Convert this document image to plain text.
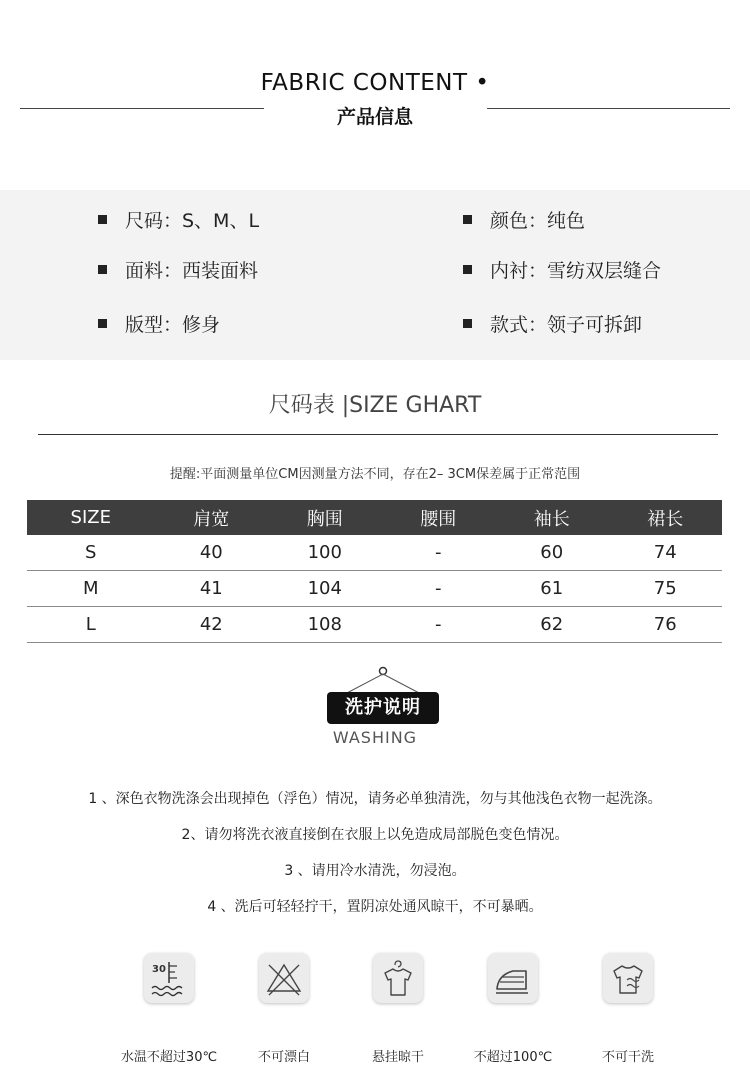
FABRIC CONTENT •
产品信息
尺码：S、M、L	颜色：纯色
面料：西装面料	内衬：雪纺双层缝合
版型：修身	款式：领子可拆卸
尺码表 |SIZE GHART
提醒:平面测量单位CM因测量方法不同，存在2– 3CM保差属于正常范围
SIZE	肩宽	胸围	腰围	袖长	裙长
S	40	100	-	60	74
M	41	104	-	61	75
L	42	108	-	62	76
洗护说明
WASHING
1 、深色衣物洗涤会出现掉色（浮色）情况，请务必单独清洗，勿与其他浅色衣物一起洗涤。
2、请勿将洗衣液直接倒在衣服上以免造成局部脱色变色情况。
3 、请用冷水清洗，勿浸泡。
4 、洗后可轻轻拧干，置阴凉处通风晾干，不可暴晒。
30
水温不超过30℃	不可漂白	悬挂晾干	不超过100℃	不可干洗
